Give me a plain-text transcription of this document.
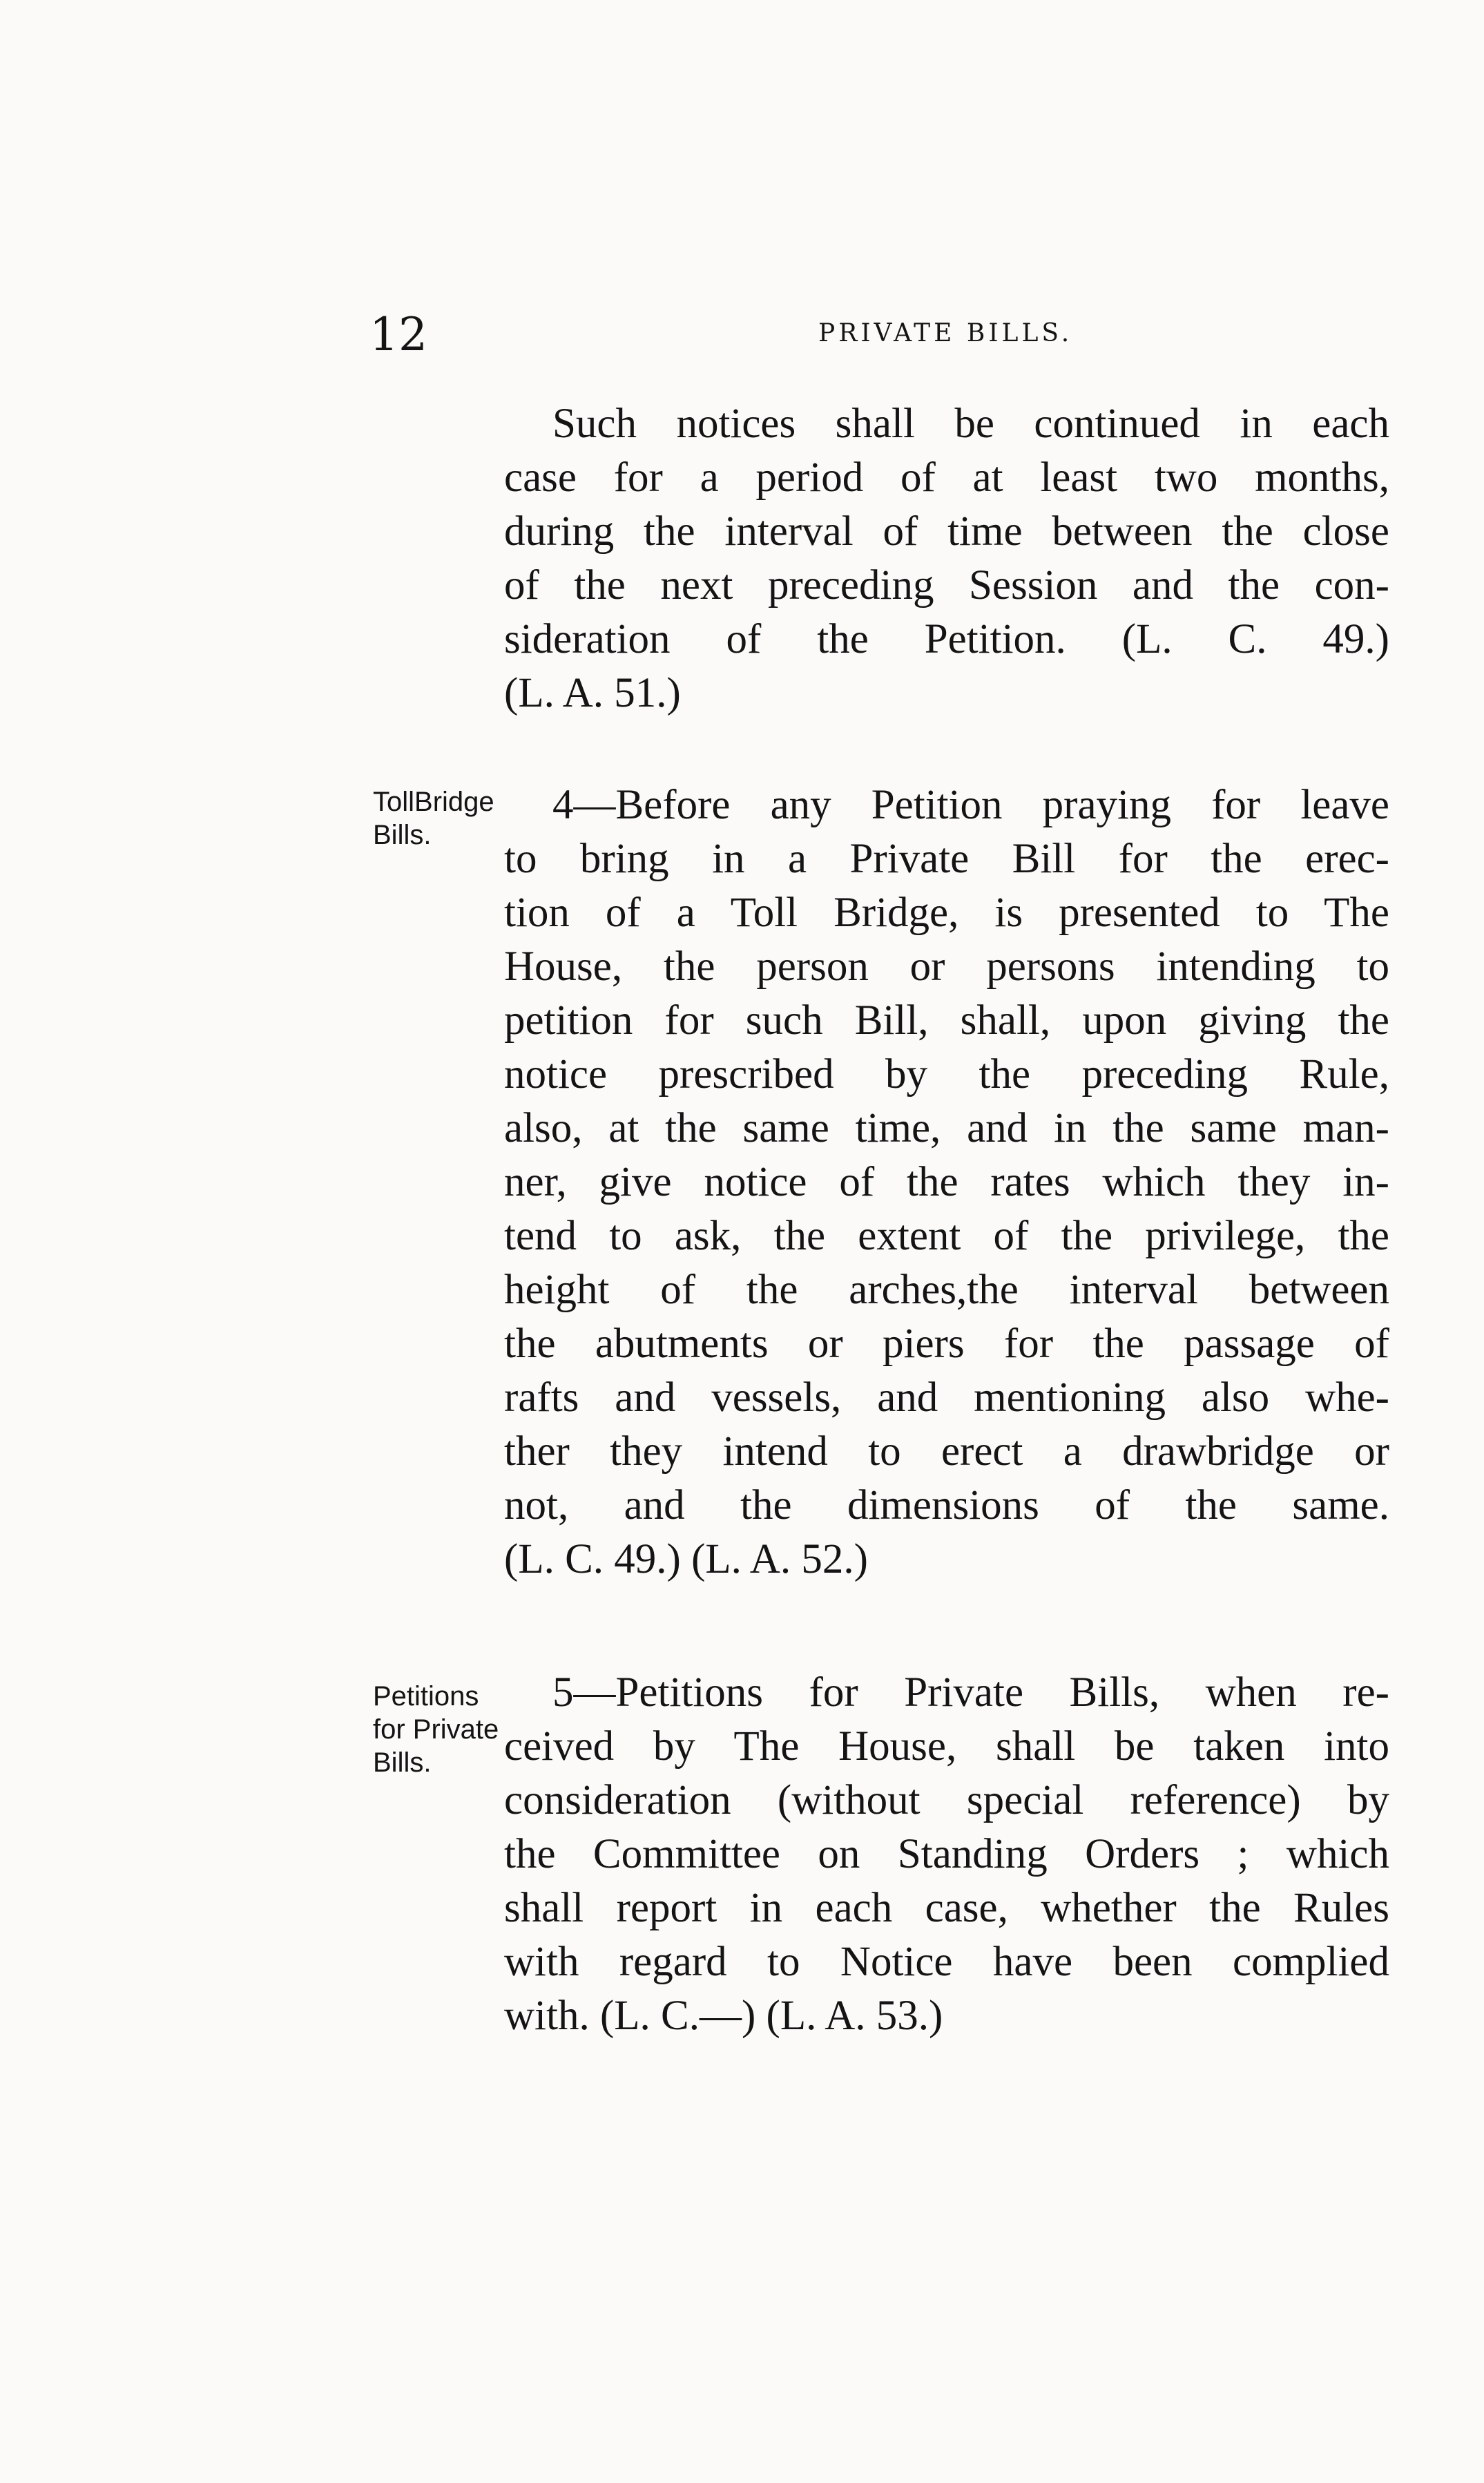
12	PRIVATE BILLS.
Such notices shall be continued in each
case for a period of at least two months,
during the interval of time between the close
of the next preceding Session and the con-
sideration of the Petition. (L. C. 49.)
(L. A. 51.)
TollBridge
Bills.
4—Before any Petition praying for leave
to bring in a Private Bill for the erec-
tion of a Toll Bridge, is presented to The
House, the person or persons intending to
petition for such Bill, shall, upon giving the
notice prescribed by the preceding Rule,
also, at the same time, and in the same man-
ner, give notice of the rates which they in-
tend to ask, the extent of the privilege, the
height of the arches,the interval between
the abutments or piers for the passage of
rafts and vessels, and mentioning also whe-
ther they intend to erect a drawbridge or
not, and the dimensions of the same.
(L. C. 49.) (L. A. 52.)
Petitions
for Private
Bills.
5—Petitions for Private Bills, when re-
ceived by The House, shall be taken into
consideration (without special reference) by
the Committee on Standing Orders ; which
shall report in each case, whether the Rules
with regard to Notice have been complied
with. (L. C.—) (L. A. 53.)
